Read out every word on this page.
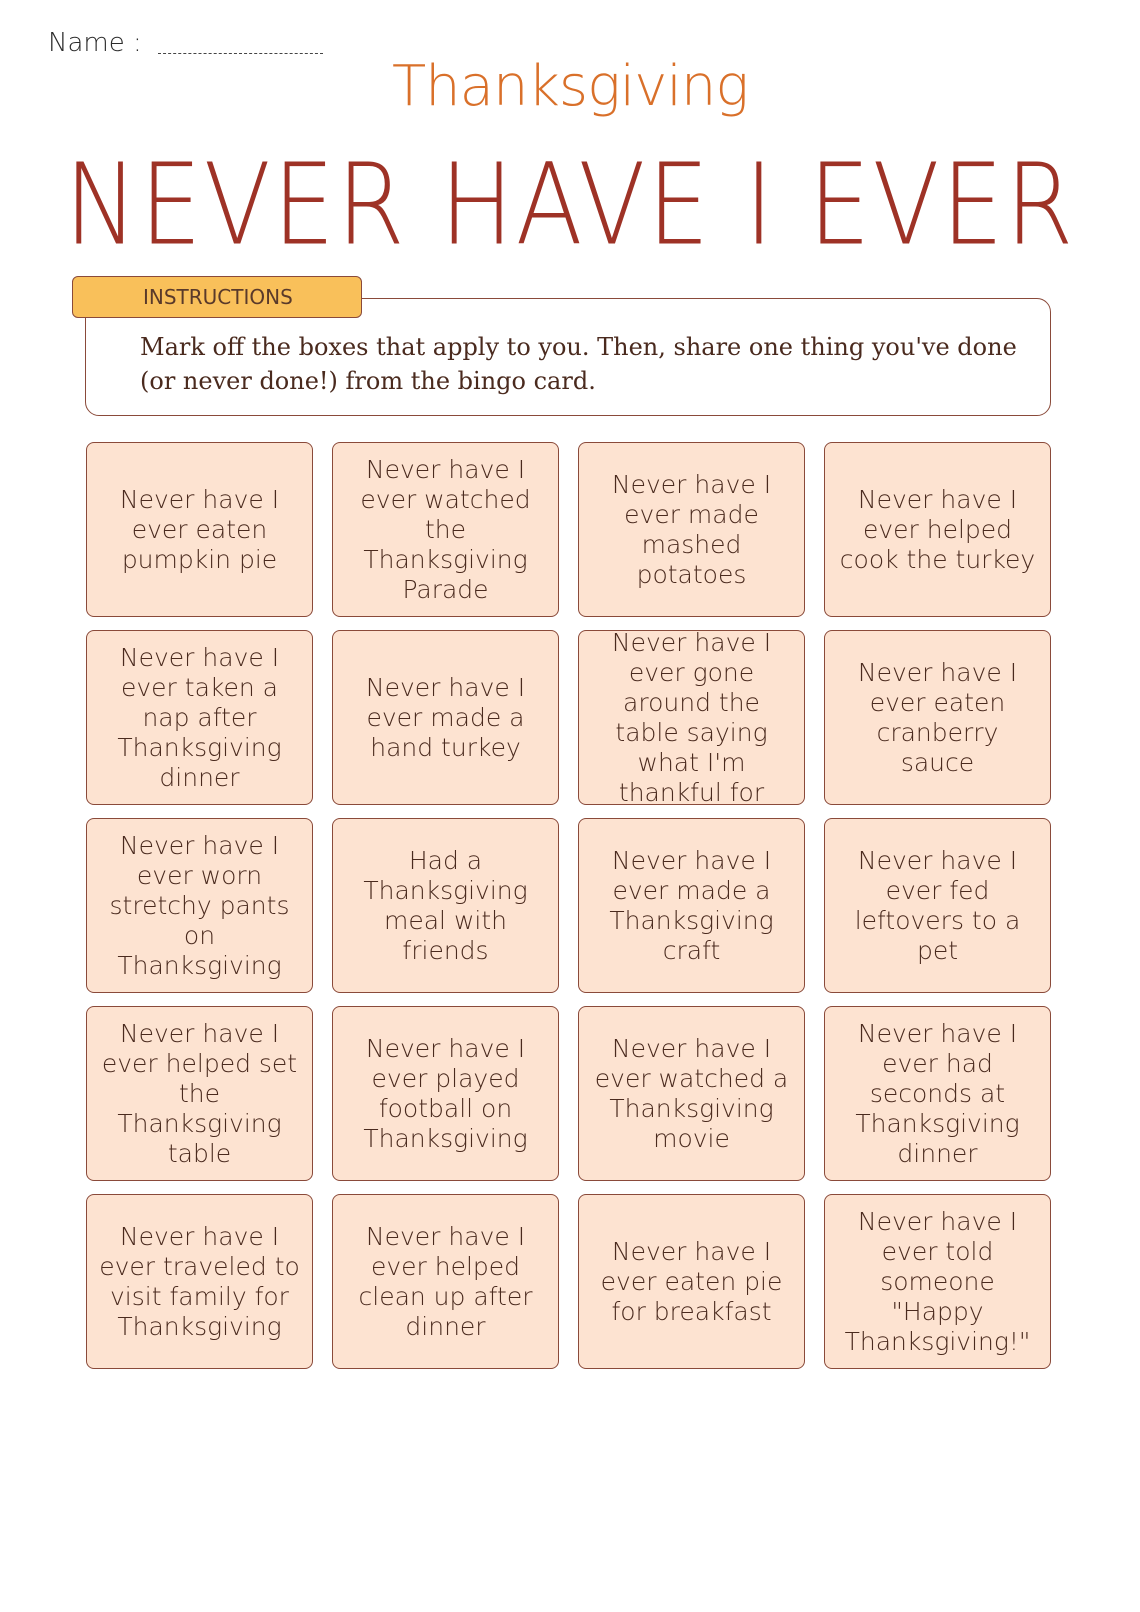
Name :
Thanksgiving
NEVER HAVE I EVER
INSTRUCTIONS
Mark off the boxes that apply to you. Then, share one thing you've done (or never done!) from the bingo card.
Never have I ever eaten pumpkin pie
Never have I ever watched the Thanksgiving Parade
Never have I ever made mashed potatoes
Never have I ever helped cook the turkey
Never have I ever taken a nap after Thanksgiving dinner
Never have I ever made a hand turkey
Never have I ever gone around the table saying what I'm thankful for
Never have I ever eaten cranberry sauce
Never have I ever worn stretchy pants on Thanksgiving
Had a Thanksgiving meal with friends
Never have I ever made a Thanksgiving craft
Never have I ever fed leftovers to a pet
Never have I ever helped set the Thanksgiving table
Never have I ever played football on Thanksgiving
Never have I ever watched a Thanksgiving movie
Never have I ever had seconds at Thanksgiving dinner
Never have I ever traveled to visit family for Thanksgiving
Never have I ever helped clean up after dinner
Never have I ever eaten pie for breakfast
Never have I ever told someone "Happy Thanksgiving!"
